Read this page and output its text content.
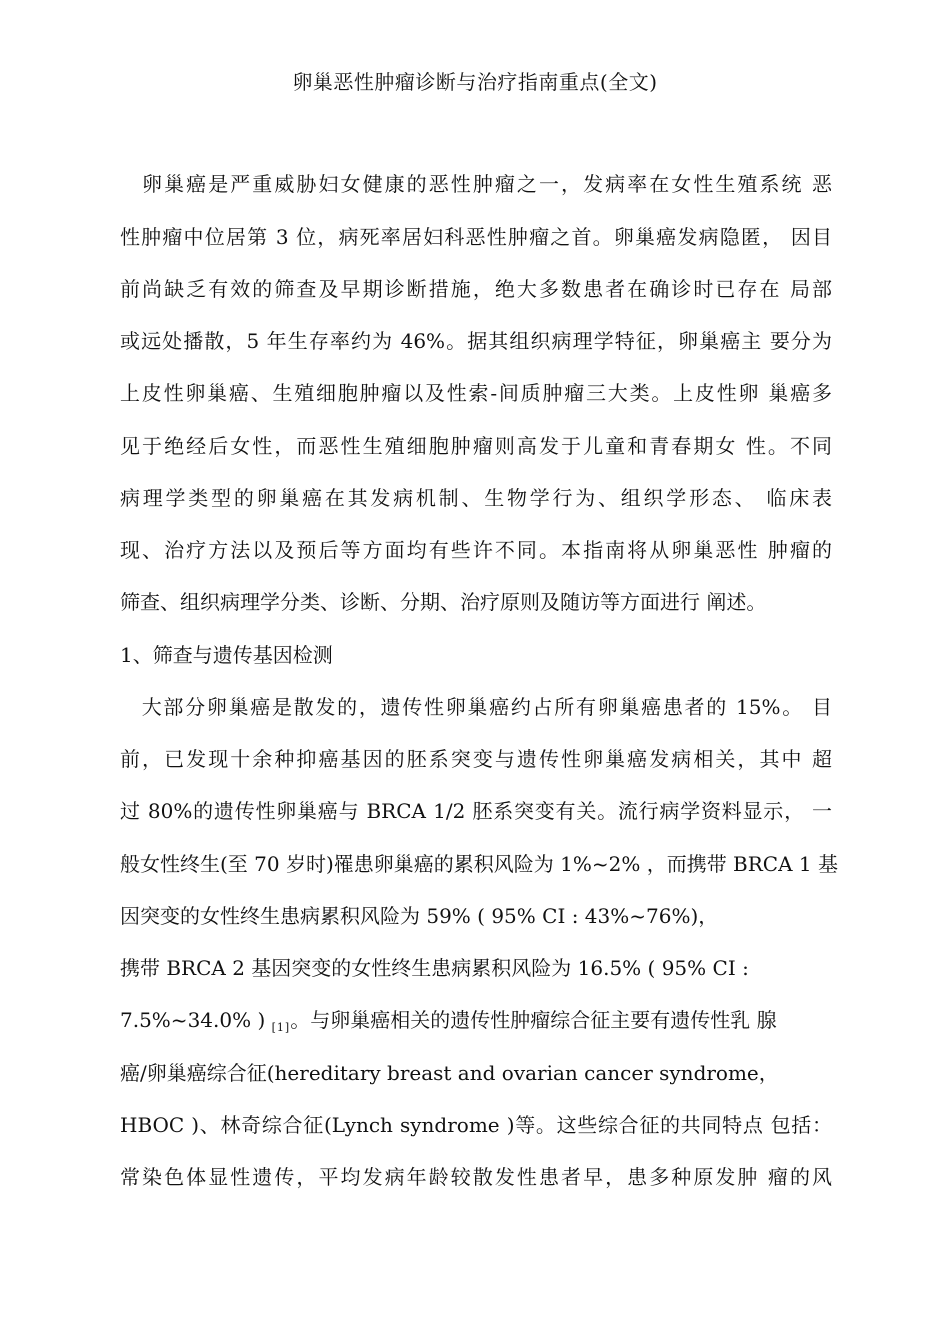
卵巢恶性肿瘤诊断与治疗指南重点(全文)
　卵巢癌是严重威胁妇女健康的恶性肿瘤之一，发病率在女性生殖系统 恶
性肿瘤中位居第 3 位，病死率居妇科恶性肿瘤之首。卵巢癌发病隐匿， 因目
前尚缺乏有效的筛查及早期诊断措施，绝大多数患者在确诊时已存在 局部
或远处播散，5 年生存率约为 46%。据其组织病理学特征，卵巢癌主 要分为
上皮性卵巢癌、生殖细胞肿瘤以及性索-间质肿瘤三大类。上皮性卵 巢癌多
见于绝经后女性，而恶性生殖细胞肿瘤则高发于儿童和青春期女 性。不同
病理学类型的卵巢癌在其发病机制、生物学行为、组织学形态、 临床表
现、治疗方法以及预后等方面均有些许不同。本指南将从卵巢恶性 肿瘤的
筛查、组织病理学分类、诊断、分期、治疗原则及随访等方面进行 阐述。
1、筛查与遗传基因检测
　大部分卵巢癌是散发的，遗传性卵巢癌约占所有卵巢癌患者的 15%。 目
前，已发现十余种抑癌基因的胚系突变与遗传性卵巢癌发病相关，其中 超
过 80%的遗传性卵巢癌与 BRCA 1/2 胚系突变有关。流行病学资料显示， 一
般女性终生(至 70 岁时)罹患卵巢癌的累积风险为 1%~2% ，而携带 BRCA 1 基
因突变的女性终生患病累积风险为 59% ( 95% CI : 43%~76%)，
携带 BRCA 2 基因突变的女性终生患病累积风险为 16.5% ( 95% CI :
7.5%~34.0% ) $_{[1]}$。与卵巢癌相关的遗传性肿瘤综合征主要有遗传性乳 腺
癌/卵巢癌综合征(hereditary breast and ovarian cancer syndrome，
HBOC )、林奇综合征(Lynch syndrome )等。这些综合征的共同特点 包括：
常染色体显性遗传，平均发病年龄较散发性患者早，患多种原发肿 瘤的风
